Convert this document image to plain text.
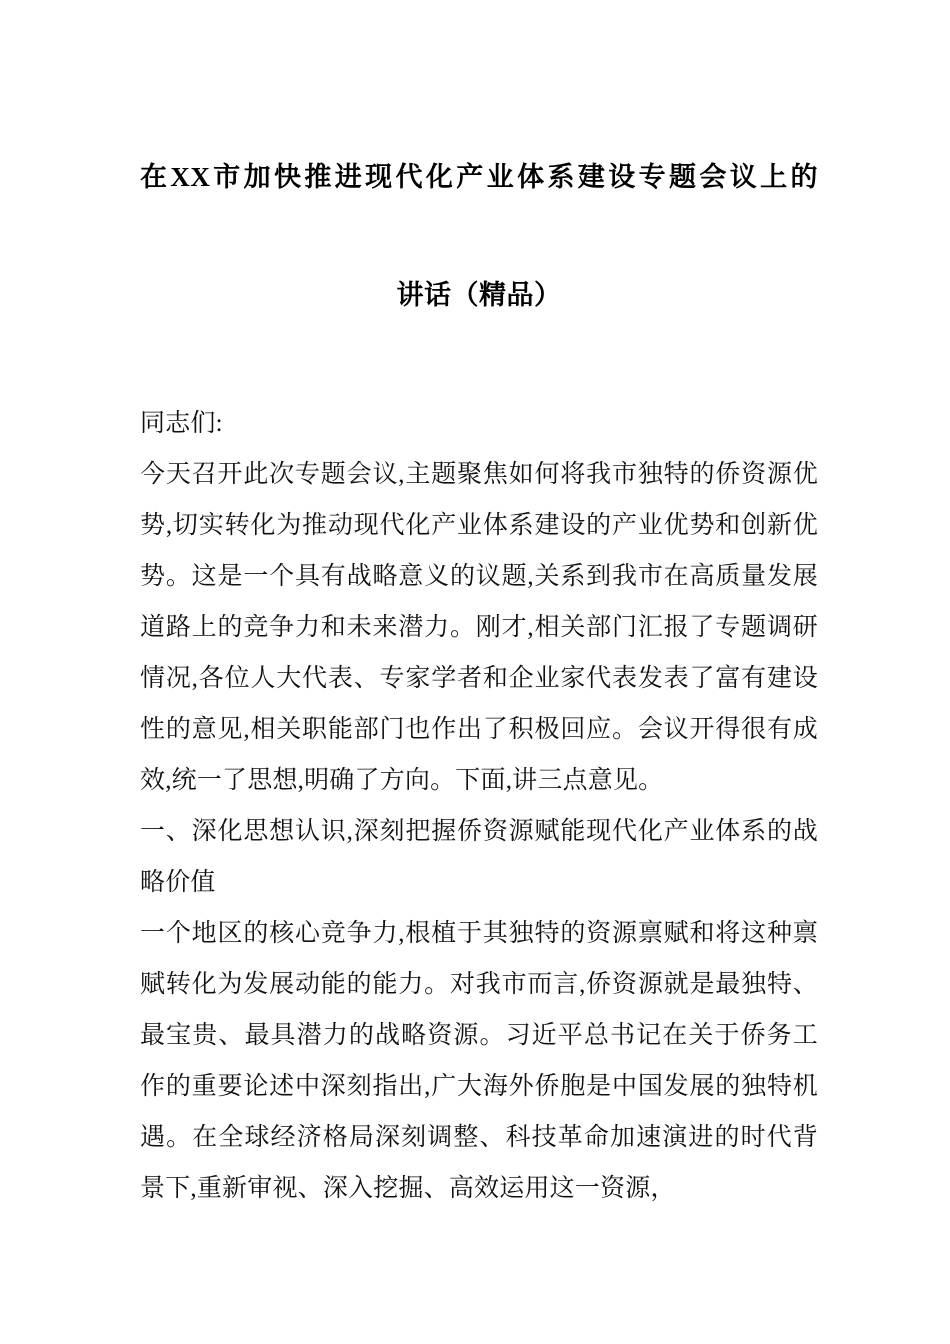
在XX市加快推进现代化产业体系建设专题会议上的
讲话（精品）

同志们:

今天召开此次专题会议,主题聚焦如何将我市独特的侨资源优势,切实转化为推动现代化产业体系建设的产业优势和创新优势。这是一个具有战略意义的议题,关系到我市在高质量发展道路上的竞争力和未来潜力。刚才,相关部门汇报了专题调研情况,各位人大代表、专家学者和企业家代表发表了富有建设性的意见,相关职能部门也作出了积极回应。会议开得很有成效,统一了思想,明确了方向。下面,讲三点意见。

一、深化思想认识,深刻把握侨资源赋能现代化产业体系的战略价值

一个地区的核心竞争力,根植于其独特的资源禀赋和将这种禀赋转化为发展动能的能力。对我市而言,侨资源就是最独特、最宝贵、最具潜力的战略资源。习近平总书记在关于侨务工作的重要论述中深刻指出,广大海外侨胞是中国发展的独特机遇。在全球经济格局深刻调整、科技革命加速演进的时代背景下,重新审视、深入挖掘、高效运用这一资源，
